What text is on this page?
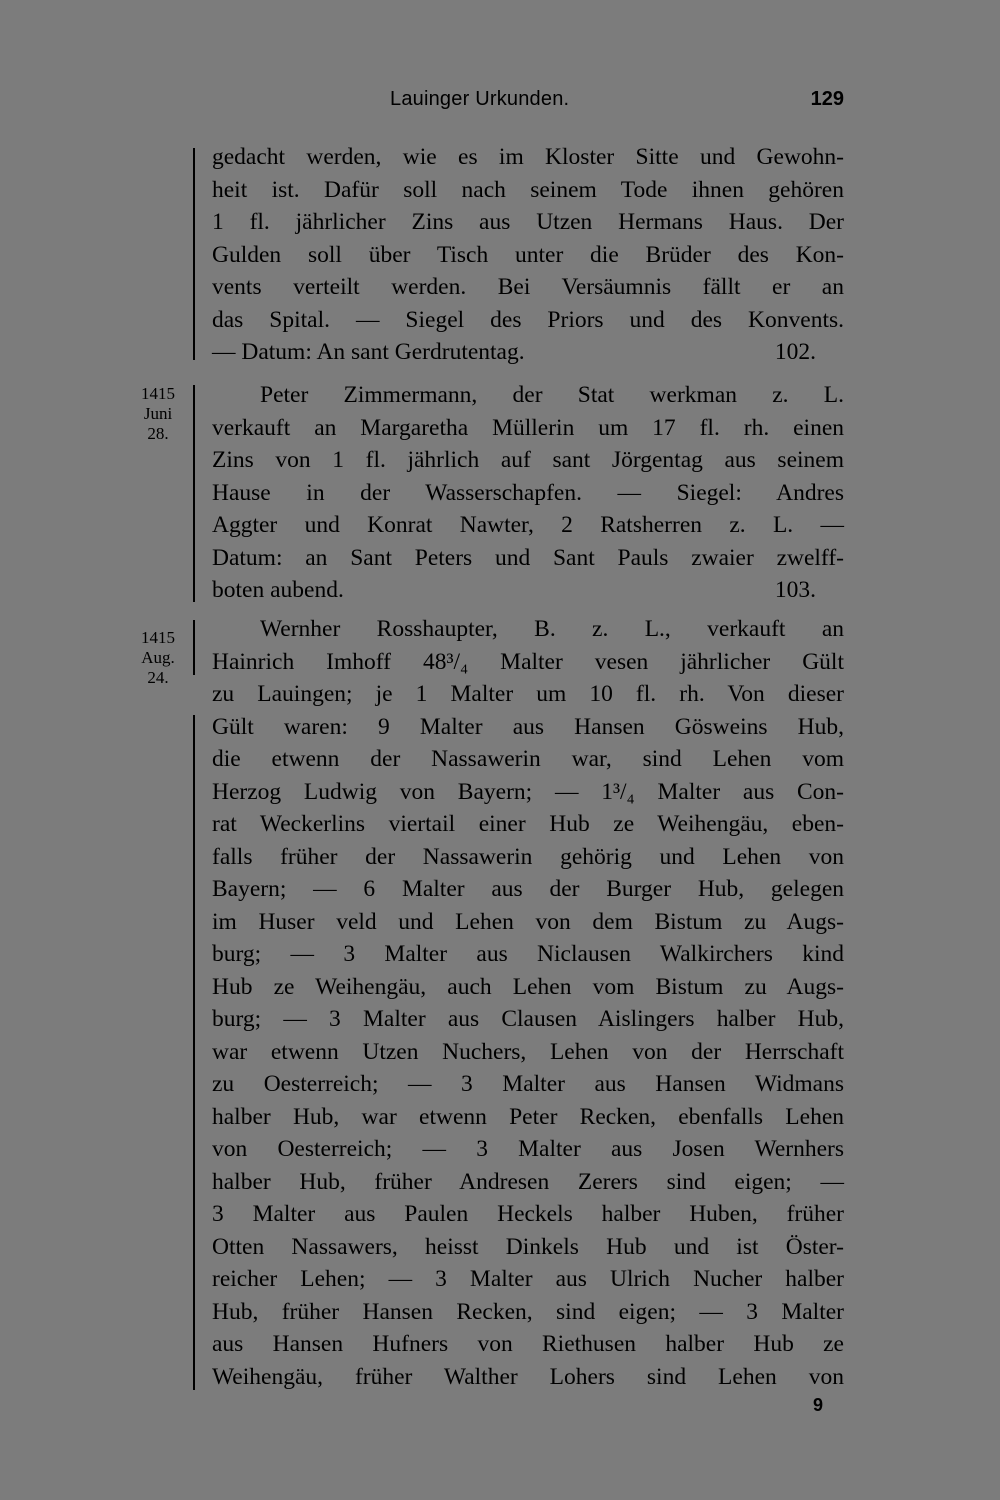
Lauinger Urkunden.	129
gedacht werden, wie es im Kloster Sitte und Gewohn-
heit ist. Dafür soll nach seinem Tode ihnen gehören
1 fl. jährlicher Zins aus Utzen Hermans Haus. Der
Gulden soll über Tisch unter die Brüder des Kon-
vents verteilt werden. Bei Versäumnis fällt er an
das Spital. — Siegel des Priors und des Konvents.
— Datum: An sant Gerdrutentag.	102.
1415
Juni
28.
Peter Zimmermann, der Stat werkman z. L.
verkauft an Margaretha Müllerin um 17 fl. rh. einen
Zins von 1 fl. jährlich auf sant Jörgentag aus seinem
Hause in der Wasserschapfen. — Siegel: Andres
Aggter und Konrat Nawter, 2 Ratsherren z. L. —
Datum: an Sant Peters und Sant Pauls zwaier zwelff-
boten aubend.	103.
1415
Aug.
24.
Wernher Rosshaupter, B. z. L., verkauft an
Hainrich Imhoff 48³/₄ Malter vesen jährlicher Gült
zu Lauingen; je 1 Malter um 10 fl. rh. Von dieser
Gült waren: 9 Malter aus Hansen Gösweins Hub,
die etwenn der Nassawerin war, sind Lehen vom
Herzog Ludwig von Bayern; — 1³/₄ Malter aus Con-
rat Weckerlins viertail einer Hub ze Weihengäu, eben-
falls früher der Nassawerin gehörig und Lehen von
Bayern; — 6 Malter aus der Burger Hub, gelegen
im Huser veld und Lehen von dem Bistum zu Augs-
burg; — 3 Malter aus Niclausen Walkirchers kind
Hub ze Weihengäu, auch Lehen vom Bistum zu Augs-
burg; — 3 Malter aus Clausen Aislingers halber Hub,
war etwenn Utzen Nuchers, Lehen von der Herrschaft
zu Oesterreich; — 3 Malter aus Hansen Widmans
halber Hub, war etwenn Peter Recken, ebenfalls Lehen
von Oesterreich; — 3 Malter aus Josen Wernhers
halber Hub, früher Andresen Zerers sind eigen; —
3 Malter aus Paulen Heckels halber Huben, früher
Otten Nassawers, heisst Dinkels Hub und ist Öster-
reicher Lehen; — 3 Malter aus Ulrich Nucher halber
Hub, früher Hansen Recken, sind eigen; — 3 Malter
aus Hansen Hufners von Riethusen halber Hub ze
Weihengäu, früher Walther Lohers sind Lehen von
9
